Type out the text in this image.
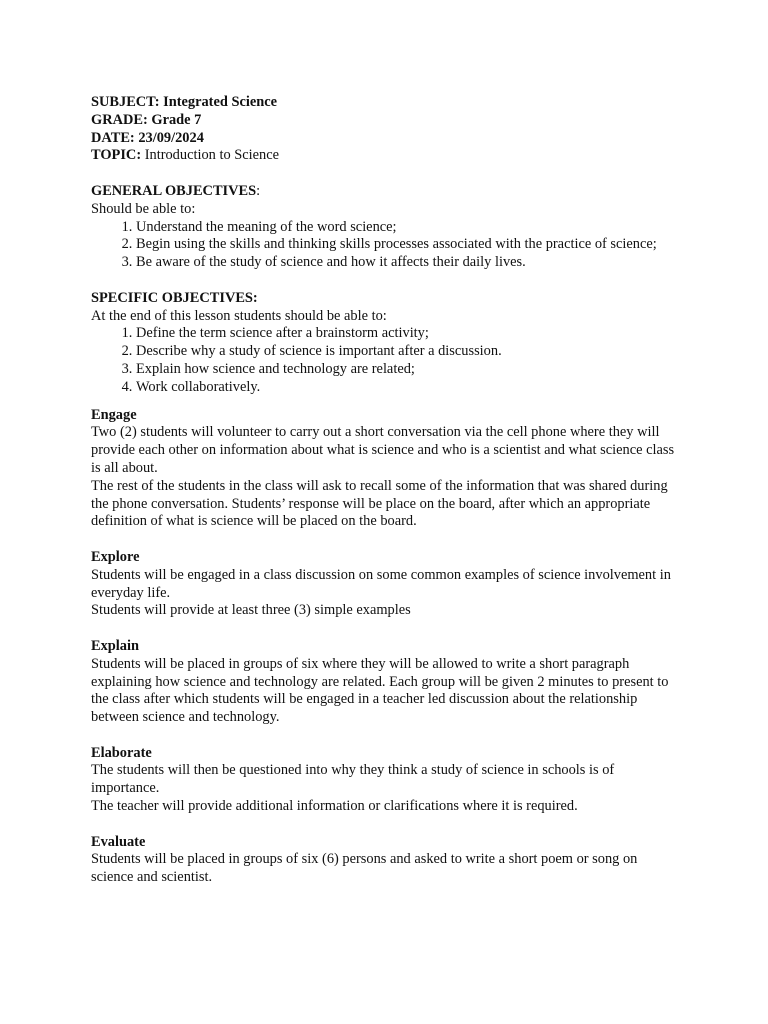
SUBJECT: Integrated Science

GRADE: Grade 7

DATE: 23/09/2024

TOPIC: Introduction to Science

GENERAL OBJECTIVES:

Should be able to:

1. Understand the meaning of the word science;
2. Begin using the skills and thinking skills processes associated with the practice of science;
3. Be aware of the study of science and how it affects their daily lives.

SPECIFIC OBJECTIVES:

At the end of this lesson students should be able to:

1. Define the term science after a brainstorm activity;
2. Describe why a study of science is important after a discussion.
3. Explain how science and technology are related;
4. Work collaboratively.

Engage

Two (2) students will volunteer to carry out a short conversation via the cell phone where they will provide each other on information about what is science and who is a scientist and what science class is all about.

The rest of the students in the class will ask to recall some of the information that was shared during the phone conversation. Students’ response will be place on the board, after which an appropriate definition of what is science will be placed on the board.

Explore

Students will be engaged in a class discussion on some common examples of science involvement in everyday life.

Students will provide at least three (3) simple examples

Explain

Students will be placed in groups of six where they will be allowed to write a short paragraph explaining how science and technology are related. Each group will be given 2 minutes to present to the class after which students will be engaged in a teacher led discussion about the relationship between science and technology.

Elaborate

The students will then be questioned into why they think a study of science in schools is of importance.

The teacher will provide additional information or clarifications where it is required.

Evaluate

Students will be placed in groups of six (6) persons and asked to write a short poem or song on science and scientist.
